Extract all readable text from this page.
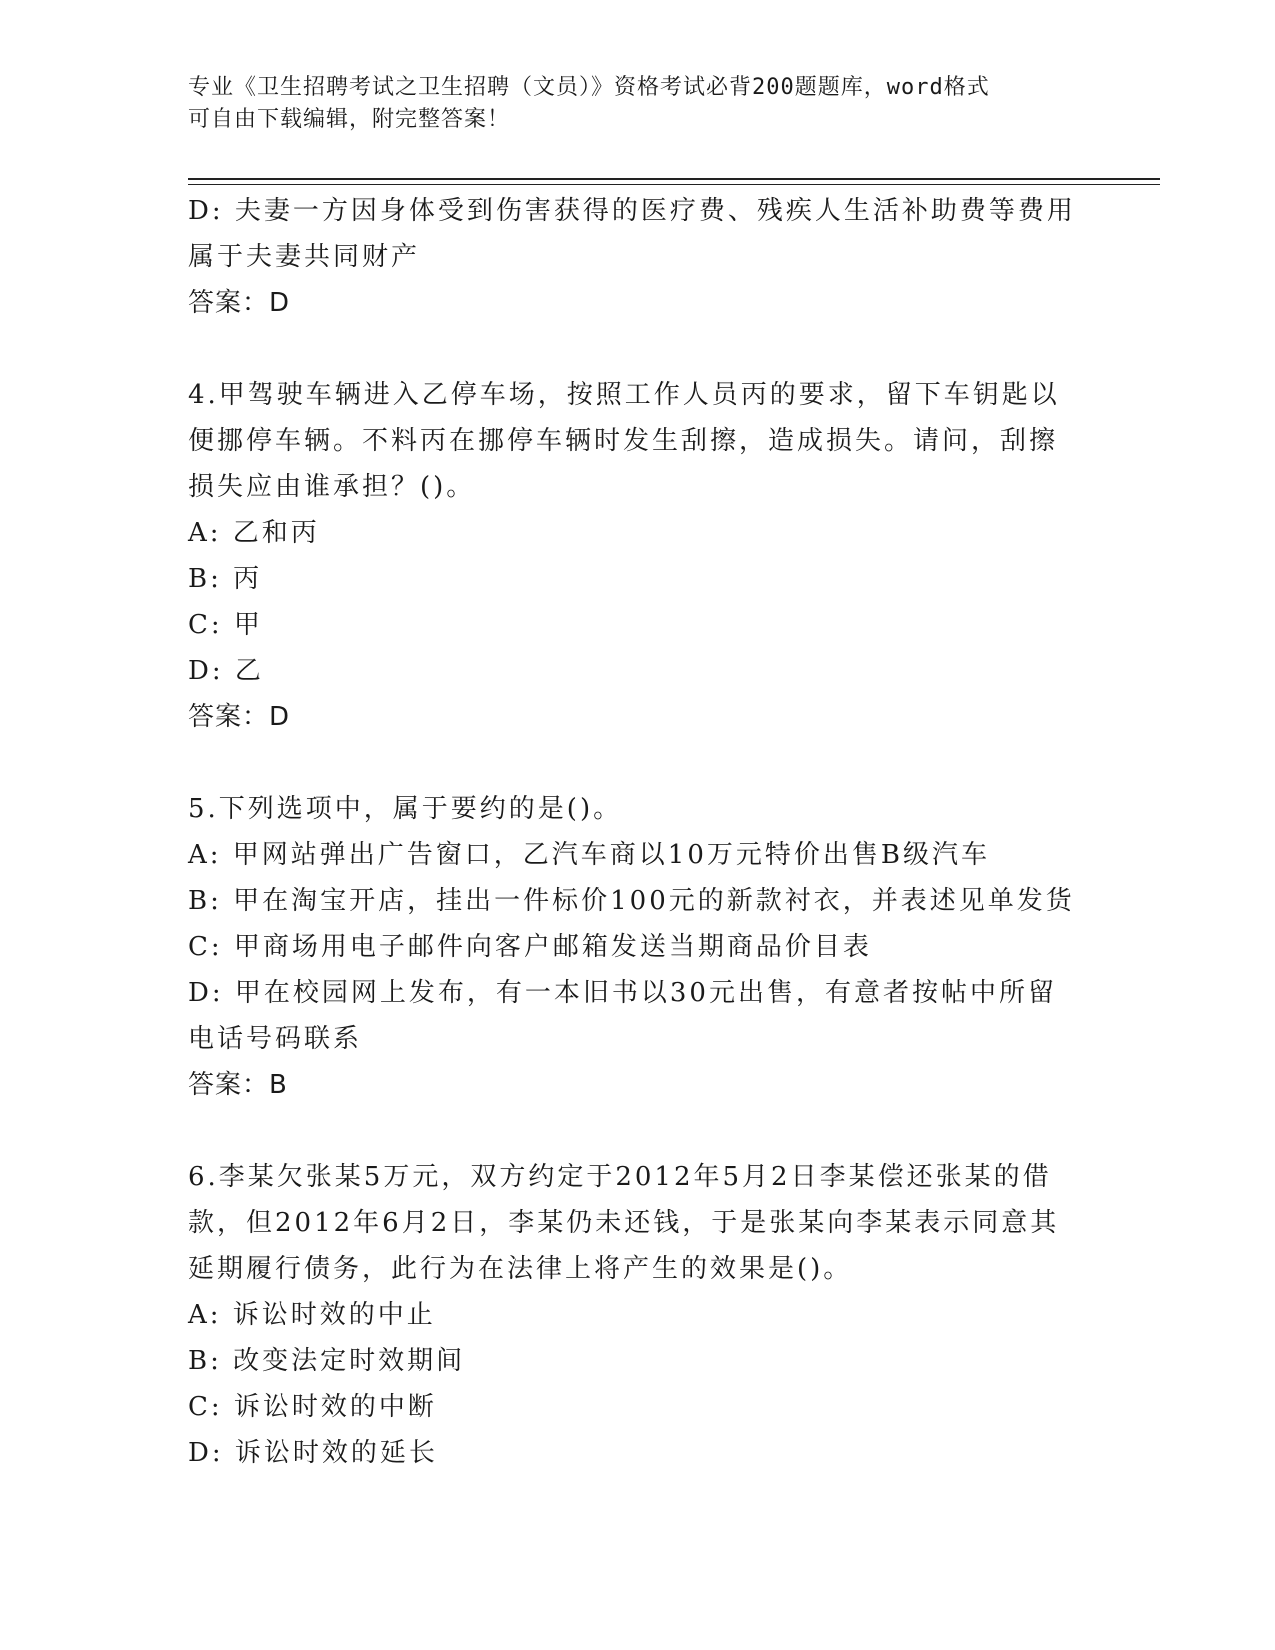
专业《卫生招聘考试之卫生招聘（文员）》资格考试必背200题题库，word格式
可自由下载编辑，附完整答案！
D: 夫妻一方因身体受到伤害获得的医疗费、残疾人生活补助费等费用
属于夫妻共同财产
答案：D
4.甲驾驶车辆进入乙停车场，按照工作人员丙的要求，留下车钥匙以
便挪停车辆。不料丙在挪停车辆时发生刮擦，造成损失。请问，刮擦
损失应由谁承担？()。
A: 乙和丙
B: 丙
C: 甲
D: 乙
答案：D
5.下列选项中，属于要约的是()。
A: 甲网站弹出广告窗口，乙汽车商以10万元特价出售B级汽车
B: 甲在淘宝开店，挂出一件标价100元的新款衬衣，并表述见单发货
C: 甲商场用电子邮件向客户邮箱发送当期商品价目表
D: 甲在校园网上发布，有一本旧书以30元出售，有意者按帖中所留
电话号码联系
答案：B
6.李某欠张某5万元，双方约定于2012年5月2日李某偿还张某的借
款，但2012年6月2日，李某仍未还钱，于是张某向李某表示同意其
延期履行债务，此行为在法律上将产生的效果是()。
A: 诉讼时效的中止
B: 改变法定时效期间
C: 诉讼时效的中断
D: 诉讼时效的延长
